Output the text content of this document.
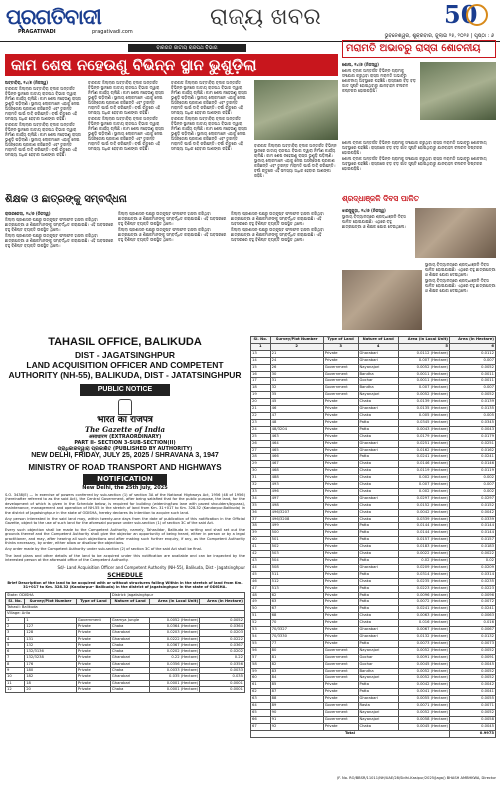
ପ୍ରଗତିବାଦୀ
PRAGATIVADI	pragativadi.com
ରାଜ୍ୟ ଖବର	50
ଭୁବନେଶ୍ୱର, ଶୁକ୍ରବାର, ଜୁଲାଇ ୨୫, ୨୦୨୫ | ପୃଷ୍ଠା : ୬
ବାରଗଡ ଜାତୀୟ ରାଜପଥ ବିଭାଗ
କାମ ଶେଷ ନହେଉଣୁ ବିଭିନ୍ନ ସ୍ଥାନ ଭୁଶୁଡ଼ିଲା

ଅଟ୍ଟାବିରା, ୨୪/୭ (ନିଜସ୍ୱ)

ବାରଗଡ ଜିଲ୍ଲାର ଅଟ୍ଟାବିରା ବ୍ଲକ ଅନ୍ତର୍ଗତ ବିଭିନ୍ନ ସ୍ଥାନରେ ଜାତୀୟ ରାଜପଥ ବିଭାଗ ଦ୍ୱାରା ନିର୍ମାଣ କାର୍ଯ୍ୟ ଚାଲିଛି। କାମ ଶେଷ ନହେଉଣୁ ରାସ୍ତା ଭୁଶୁଡ଼ି ପଡ଼ିଲାଣି। ସ୍ଥାନୀୟ ଲୋକମାନେ ଏହାକୁ ନେଇ ଅସନ୍ତୋଷ ପ୍ରକାଶ କରିଛନ୍ତି ଏବଂ ତୁରନ୍ତ ମରାମତି ପାଇଁ ଦାବି କରିଛନ୍ତି। ବର୍ଷା ଋତୁରେ ଏହି ସମସ୍ୟା ଅଧିକ ହେବାର ଆଶଙ୍କା ରହିଛି।

ବାରଗଡ ଜିଲ୍ଲାର ଅଟ୍ଟାବିରା ବ୍ଲକ ଅନ୍ତର୍ଗତ ବିଭିନ୍ନ ସ୍ଥାନରେ ଜାତୀୟ ରାଜପଥ ବିଭାଗ ଦ୍ୱାରା ନିର୍ମାଣ କାର୍ଯ୍ୟ ଚାଲିଛି। କାମ ଶେଷ ନହେଉଣୁ ରାସ୍ତା ଭୁଶୁଡ଼ି ପଡ଼ିଲାଣି। ସ୍ଥାନୀୟ ଲୋକମାନେ ଏହାକୁ ନେଇ ଅସନ୍ତୋଷ ପ୍ରକାଶ କରିଛନ୍ତି ଏବଂ ତୁରନ୍ତ ମରାମତି ପାଇଁ ଦାବି କରିଛନ୍ତି। ବର୍ଷା ଋତୁରେ ଏହି ସମସ୍ୟା ଅଧିକ ହେବାର ଆଶଙ୍କା ରହିଛି।

ବାରଗଡ ଜିଲ୍ଲାର ଅଟ୍ଟାବିରା ବ୍ଲକ ଅନ୍ତର୍ଗତ ବିଭିନ୍ନ ସ୍ଥାନରେ ଜାତୀୟ ରାଜପଥ ବିଭାଗ ଦ୍ୱାରା ନିର୍ମାଣ କାର୍ଯ୍ୟ ଚାଲିଛି। କାମ ଶେଷ ନହେଉଣୁ ରାସ୍ତା ଭୁଶୁଡ଼ି ପଡ଼ିଲାଣି। ସ୍ଥାନୀୟ ଲୋକମାନେ ଏହାକୁ ନେଇ ଅସନ୍ତୋଷ ପ୍ରକାଶ କରିଛନ୍ତି ଏବଂ ତୁରନ୍ତ ମରାମତି ପାଇଁ ଦାବି କରିଛନ୍ତି। ବର୍ଷା ଋତୁରେ ଏହି ସମସ୍ୟା ଅଧିକ ହେବାର ଆଶଙ୍କା ରହିଛି।

ବାରଗଡ ଜିଲ୍ଲାର ଅଟ୍ଟାବିରା ବ୍ଲକ ଅନ୍ତର୍ଗତ ବିଭିନ୍ନ ସ୍ଥାନରେ ଜାତୀୟ ରାଜପଥ ବିଭାଗ ଦ୍ୱାରା ନିର୍ମାଣ କାର୍ଯ୍ୟ ଚାଲିଛି। କାମ ଶେଷ ନହେଉଣୁ ରାସ୍ତା ଭୁଶୁଡ଼ି ପଡ଼ିଲାଣି। ସ୍ଥାନୀୟ ଲୋକମାନେ ଏହାକୁ ନେଇ ଅସନ୍ତୋଷ ପ୍ରକାଶ କରିଛନ୍ତି ଏବଂ ତୁରନ୍ତ ମରାମତି ପାଇଁ ଦାବି କରିଛନ୍ତି। ବର୍ଷା ଋତୁରେ ଏହି ସମସ୍ୟା ଅଧିକ ହେବାର ଆଶଙ୍କା ରହିଛି।

ବାରଗଡ ଜିଲ୍ଲାର ଅଟ୍ଟାବିରା ବ୍ଲକ ଅନ୍ତର୍ଗତ ବିଭିନ୍ନ ସ୍ଥାନରେ ଜାତୀୟ ରାଜପଥ ବିଭାଗ ଦ୍ୱାରା ନିର୍ମାଣ କାର୍ଯ୍ୟ ଚାଲିଛି। କାମ ଶେଷ ନହେଉଣୁ ରାସ୍ତା ଭୁଶୁଡ଼ି ପଡ଼ିଲାଣି। ସ୍ଥାନୀୟ ଲୋକମାନେ ଏହାକୁ ନେଇ ଅସନ୍ତୋଷ ପ୍ରକାଶ କରିଛନ୍ତି ଏବଂ ତୁରନ୍ତ ମରାମତି ପାଇଁ ଦାବି କରିଛନ୍ତି। ବର୍ଷା ଋତୁରେ ଏହି ସମସ୍ୟା ଅଧିକ ହେବାର ଆଶଙ୍କା ରହିଛି।

ବାରଗଡ ଜିଲ୍ଲାର ଅଟ୍ଟାବିରା ବ୍ଲକ ଅନ୍ତର୍ଗତ ବିଭିନ୍ନ ସ୍ଥାନରେ ଜାତୀୟ ରାଜପଥ ବିଭାଗ ଦ୍ୱାରା ନିର୍ମାଣ କାର୍ଯ୍ୟ ଚାଲିଛି। କାମ ଶେଷ ନହେଉଣୁ ରାସ୍ତା ଭୁଶୁଡ଼ି ପଡ଼ିଲାଣି। ସ୍ଥାନୀୟ ଲୋକମାନେ ଏହାକୁ ନେଇ ଅସନ୍ତୋଷ ପ୍ରକାଶ କରିଛନ୍ତି ଏବଂ ତୁରନ୍ତ ମରାମତି ପାଇଁ ଦାବି କରିଛନ୍ତି। ବର୍ଷା ଋତୁରେ ଏହି ସମସ୍ୟା ଅଧିକ ହେବାର ଆଶଙ୍କା ରହିଛି।

ବାରଗଡ ଜିଲ୍ଲାର ଅଟ୍ଟାବିରା ବ୍ଲକ ଅନ୍ତର୍ଗତ ବିଭିନ୍ନ ସ୍ଥାନରେ ଜାତୀୟ ରାଜପଥ ବିଭାଗ ଦ୍ୱାରା ନିର୍ମାଣ କାର୍ଯ୍ୟ ଚାଲିଛି। କାମ ଶେଷ ନହେଉଣୁ ରାସ୍ତା ଭୁଶୁଡ଼ି ପଡ଼ିଲାଣି। ସ୍ଥାନୀୟ ଲୋକମାନେ ଏହାକୁ ନେଇ ଅସନ୍ତୋଷ ପ୍ରକାଶ କରିଛନ୍ତି ଏବଂ ତୁରନ୍ତ ମରାମତି ପାଇଁ ଦାବି କରିଛନ୍ତି। ବର୍ଷା ଋତୁରେ ଏହି ସମସ୍ୟା ଅଧିକ ହେବାର ଆଶଙ୍କା ରହିଛି।

ମରାମତି ଅଭାବରୁ ରାସ୍ତା ଶୋଚନୀୟ

ଶୋଲ, ୨୪/୭ (ନିଜସ୍ୱ)

ଶୋଲ ବ୍ଲକ ଅନ୍ତର୍ଗତ ବିଭିନ୍ନ ଗ୍ରାମକୁ ସଂଯୋଗ କରୁଥିବା ରାସ୍ତା ମରାମତି ଅଭାବରୁ ଶୋଚନୀୟ ଅବସ୍ଥାରେ ପହଞ୍ଚିଛି। ରାସ୍ତାରେ ବଡ଼ ବଡ଼ ଗାତ ସୃଷ୍ଟି ହୋଇଥିବାରୁ ଯାନବାହନ ଚଳାଚଳ କଷ୍ଟକର ହୋଇପଡ଼ିଛି।

ଶୋଲ ବ୍ଲକ ଅନ୍ତର୍ଗତ ବିଭିନ୍ନ ଗ୍ରାମକୁ ସଂଯୋଗ କରୁଥିବା ରାସ୍ତା ମରାମତି ଅଭାବରୁ ଶୋଚନୀୟ ଅବସ୍ଥାରେ ପହଞ୍ଚିଛି। ରାସ୍ତାରେ ବଡ଼ ବଡ଼ ଗାତ ସୃଷ୍ଟି ହୋଇଥିବାରୁ ଯାନବାହନ ଚଳାଚଳ କଷ୍ଟକର ହୋଇପଡ଼ିଛି।

ଶୋଲ ବ୍ଲକ ଅନ୍ତର୍ଗତ ବିଭିନ୍ନ ଗ୍ରାମକୁ ସଂଯୋଗ କରୁଥିବା ରାସ୍ତା ମରାମତି ଅଭାବରୁ ଶୋଚନୀୟ ଅବସ୍ଥାରେ ପହଞ୍ଚିଛି। ରାସ୍ତାରେ ବଡ଼ ବଡ଼ ଗାତ ସୃଷ୍ଟି ହୋଇଥିବାରୁ ଯାନବାହନ ଚଳାଚଳ କଷ୍ଟକର ହୋଇପଡ଼ିଛି।

ଶ୍ରଦ୍ଧାଞ୍ଜଳି ଦିବସ ପାଳିତ

ଝାରସୁଗୁଡ଼ା, ୨୪/୭ (ନିଜସ୍ୱ)

ସ୍ଥାନୀୟ ବିଦ୍ୟାଳୟରେ ଶ୍ରଦ୍ଧାଞ୍ଜଳି ଦିବସ ପାଳିତ ହୋଇଯାଇଛି। ଏଥିରେ ବହୁ ଛାତ୍ରଛାତ୍ରୀ ଓ ଶିକ୍ଷକ ଯୋଗ ଦେଇଥିଲେ।

ଶିକ୍ଷକ ଓ ଛାତ୍ରଙ୍କୁ ସମ୍ବର୍ଦ୍ଧନା

ରାଉରକେଲା, ୨୪/୭ (ନିଜସ୍ୱ)

ଜିଲ୍ଲା ପ୍ରଶାସନ ପକ୍ଷରୁ ଉତ୍କୃଷ୍ଟ ଫଳାଫଳ ହାସଲ କରିଥିବା ଛାତ୍ରଛାତ୍ରୀ ଓ ଶିକ୍ଷକମାନଙ୍କୁ ସମ୍ବର୍ଦ୍ଧିତ କରାଯାଇଛି। ଏହି ଅବସରରେ ବହୁ ବିଶିଷ୍ଟ ବ୍ୟକ୍ତି ଉପସ୍ଥିତ ଥିଲେ।

ଜିଲ୍ଲା ପ୍ରଶାସନ ପକ୍ଷରୁ ଉତ୍କୃଷ୍ଟ ଫଳାଫଳ ହାସଲ କରିଥିବା ଛାତ୍ରଛାତ୍ରୀ ଓ ଶିକ୍ଷକମାନଙ୍କୁ ସମ୍ବର୍ଦ୍ଧିତ କରାଯାଇଛି। ଏହି ଅବସରରେ ବହୁ ବିଶିଷ୍ଟ ବ୍ୟକ୍ତି ଉପସ୍ଥିତ ଥିଲେ।

ଜିଲ୍ଲା ପ୍ରଶାସନ ପକ୍ଷରୁ ଉତ୍କୃଷ୍ଟ ଫଳାଫଳ ହାସଲ କରିଥିବା ଛାତ୍ରଛାତ୍ରୀ ଓ ଶିକ୍ଷକମାନଙ୍କୁ ସମ୍ବର୍ଦ୍ଧିତ କରାଯାଇଛି। ଏହି ଅବସରରେ ବହୁ ବିଶିଷ୍ଟ ବ୍ୟକ୍ତି ଉପସ୍ଥିତ ଥିଲେ।

ଜିଲ୍ଲା ପ୍ରଶାସନ ପକ୍ଷରୁ ଉତ୍କୃଷ୍ଟ ଫଳାଫଳ ହାସଲ କରିଥିବା ଛାତ୍ରଛାତ୍ରୀ ଓ ଶିକ୍ଷକମାନଙ୍କୁ ସମ୍ବର୍ଦ୍ଧିତ କରାଯାଇଛି। ଏହି ଅବସରରେ ବହୁ ବିଶିଷ୍ଟ ବ୍ୟକ୍ତି ଉପସ୍ଥିତ ଥିଲେ।

ଜିଲ୍ଲା ପ୍ରଶାସନ ପକ୍ଷରୁ ଉତ୍କୃଷ୍ଟ ଫଳାଫଳ ହାସଲ କରିଥିବା ଛାତ୍ରଛାତ୍ରୀ ଓ ଶିକ୍ଷକମାନଙ୍କୁ ସମ୍ବର୍ଦ୍ଧିତ କରାଯାଇଛି। ଏହି ଅବସରରେ ବହୁ ବିଶିଷ୍ଟ ବ୍ୟକ୍ତି ଉପସ୍ଥିତ ଥିଲେ।

ଜିଲ୍ଲା ପ୍ରଶାସନ ପକ୍ଷରୁ ଉତ୍କୃଷ୍ଟ ଫଳାଫଳ ହାସଲ କରିଥିବା ଛାତ୍ରଛାତ୍ରୀ ଓ ଶିକ୍ଷକମାନଙ୍କୁ ସମ୍ବର୍ଦ୍ଧିତ କରାଯାଇଛି। ଏହି ଅବସରରେ ବହୁ ବିଶିଷ୍ଟ ବ୍ୟକ୍ତି ଉପସ୍ଥିତ ଥିଲେ।

ସ୍ଥାନୀୟ ବିଦ୍ୟାଳୟରେ ଶ୍ରଦ୍ଧାଞ୍ଜଳି ଦିବସ ପାଳିତ ହୋଇଯାଇଛି। ଏଥିରେ ବହୁ ଛାତ୍ରଛାତ୍ରୀ ଓ ଶିକ୍ଷକ ଯୋଗ ଦେଇଥିଲେ।

ସ୍ଥାନୀୟ ବିଦ୍ୟାଳୟରେ ଶ୍ରଦ୍ଧାଞ୍ଜଳି ଦିବସ ପାଳିତ ହୋଇଯାଇଛି। ଏଥିରେ ବହୁ ଛାତ୍ରଛାତ୍ରୀ ଓ ଶିକ୍ଷକ ଯୋଗ ଦେଇଥିଲେ।

TAHASIL OFFICE, BALIKUDA
DIST - JAGATSINGHPUR
LAND ACQUISITION OFFICER AND COMPETENT AUTHORITY (NH-55), BALIKUDA, DIST - JATATSINGHPUR
PUBLIC NOTICE
भारत का राजपत्र
The Gazette of India
असाधारण (EXTRAORDINARY)
PART II- SECTION 3-SUB-SECTION(II)
ପ୍ରାଧିକାରଦ୍ୱାରା ପ୍ରକାଶିତ (PUBLISHED BY AUTHORITY)
NEW DELHI, FRIDAY, JULY 25, 2025 / SHRAVANA 3, 1947
MINISTRY OF ROAD TRANSPORT AND HIGHWAYS
NOTIFICATION
New Delhi, the 25th July, 2025
S.O. 3438(E) — In exercise of powers conferred by sub-section (1) of section 3A of the National Highways Act, 1956 (48 of 1956) (hereinafter referred to as the said Act), the Central Government, after being satisfied that for the public purpose, the land, for the development of which is given in the Schedule below, is required for building (widening/two lane with paved shoulders/bypass), maintenance, management and operation of NH-55 in the stretch of land from Km. 31+017 to Km. 328.32 (Kandarpur-Balikuda) in the district of Jagatsinghpur in the state of ODISHA, hereby declares its intention to acquire such land.
Any person interested in the said land may, within twenty-one days from the date of publication of this notification in the Official Gazette, object to the use of such land for the aforesaid purpose under sub-section (1) of section 3C of the said Act.
Every such objection shall be made to the Competent Authority, namely, Tahasildar, Balikuda in writing and shall set out the grounds thereof and the Competent Authority shall give the objector an opportunity of being heard, either in person or by a legal practitioner, and may, after hearing all such objections and after making such further enquiry, if any, as the Competent Authority thinks necessary, by order, either allow or disallow the objections.
Any order made by the Competent Authority under sub-section (2) of section 3C of the said Act shall be final.
The land plans and other details of the land to be acquired under this notification are available and can be inspected by the interested person at the aforesaid office of the Competent Authority.
Sd/- Land Acquisition Officer and Competent Authority (NH-55), Balikuda, Dist - Jagatsinghpur
SCHEDULE
Brief Description of the land to be acquired with or without structures falling Within in the stretch of land from Km. 31+017 to Km. 328.32 (Kandarpur- Balikuda) in the district of Jagatsinghpur in the state of ODISHA.
State: ODISHA			District: Jagatsinghpur		
Sl. No.	Survey/Plot Number	Type of Land	Nature of Land	Area (in Local Unit)	Area (in Hectare)
Tahasil: Balikuda					
Village: Arila					
1	1	Government	Gramya Jungle	0.0052 (Hectare)	0.0052
2	127	Private	Chaka	0.0364 (Hectare)	0.0364
3	128	Private	Gharabari	0.0203 (Hectare)	0.0203
4	131	Private	Gharabari	0.0222 (Hectare)	0.0222
5	132	Private	Chaka	0.0367 (Hectare)	0.0367
6	132/3136	Private	Chaka	0.0202 (Hectare)	0.0202
7	132/3238	Private	Gharabari	0.22 (Hectare)	0.22
8	176	Private	Gharabari	0.0356 (Hectare)	0.0356
9	180	Private	Chaka	0.0033 (Hectare)	0.0033
10	182	Private	Gharabari	0.035 (Hectare)	0.035
11	18	Private	Gharabari	0.0001 (Hectare)	0.0001
12	20	Private	Chaka	0.0001 (Hectare)	0.0001
Sl. No.	Survey/Plot Number	Type of Land	Nature of Land	Area (in Local Unit)	Area (in Hectare)
1	2	3	4	5	6
13	21	Private	Gharabari	0.0112 (Hectare)	0.0112
14	24	Private	Gharabari	0.007 (Hectare)	0.007
15	26	Government	Nayanajori	0.0052 (Hectare)	0.0052
16	30	Government	Bandha	0.0011 (Hectare)	0.0011
17	31	Government	Gochar	0.0011 (Hectare)	0.0011
18	32	Government	Bandha	0.007 (Hectare)	0.007
19	35	Government	Nayanajori	0.0052 (Hectare)	0.0052
20	45	Private	Chaka	0.0139 (Hectare)	0.0139
21	46	Private	Gharabari	0.0135 (Hectare)	0.0135
22	47	Private	Chaka	0.005 (Hectare)	0.005
23	48	Private	Patta	0.0345 (Hectare)	0.0345
24	48/3204	Private	Patta	0.0043 (Hectare)	0.0043
25	463	Private	Chaka	0.0179 (Hectare)	0.0179
26	464	Private	Gharabari	0.0251 (Hectare)	0.0251
27	465	Private	Gharabari	0.0162 (Hectare)	0.0162
28	466	Private	Patta	0.0241 (Hectare)	0.0241
29	467	Private	Chaka	0.0146 (Hectare)	0.0146
30	468	Private	Chaka	0.0119 (Hectare)	0.0119
31	488	Private	Chaka	0.002 (Hectare)	0.002
32	493	Private	Chaka	0.007 (Hectare)	0.007
33	496	Private	Chaka	0.002 (Hectare)	0.002
34	497	Private	Gharabari	0.0297 (Hectare)	0.0297
35	498	Private	Chaka	0.0152 (Hectare)	0.0152
36	496/3207	Private	Chaka	0.0042 (Hectare)	0.0042
37	496/3208	Private	Chaka	0.0339 (Hectare)	0.0339
38	499	Private	Patta	0.0144 (Hectare)	0.0144
39	500	Private	Patta	0.0144 (Hectare)	0.0144
40	501	Private	Patta	0.0157 (Hectare)	0.0157
41	502	Private	Chaka	0.0183 (Hectare)	0.0183
42	503	Private	Chaka	0.0022 (Hectare)	0.0022
43	504	Private	Patta	0.02 (Hectare)	0.02
44	508	Private	Gharabari	0.0209 (Hectare)	0.0209
45	511	Private	Patta	0.0314 (Hectare)	0.0314
46	512	Private	Chaka	0.0235 (Hectare)	0.0235
47	513	Private	Patta	0.0223 (Hectare)	0.0223
48	62	Private	Patta	0.0096 (Hectare)	0.0096
49	63	Private	Patta	0.0072 (Hectare)	0.0072
50	67	Private	Patta	0.0241 (Hectare)	0.0241
51	68	Private	Chaka	0.0063 (Hectare)	0.0063
52	70	Private	Chaka	0.016 (Hectare)	0.016
53	70/3327	Private	Gharabari	0.0067 (Hectare)	0.0067
54	70/3330	Private	Gharabari	0.0132 (Hectare)	0.0132
55	77	Private	Patta	0.0073 (Hectare)	0.0073
56	80	Government	Nayanajori	0.0052 (Hectare)	0.0052
57	81	Government	Gochar	0.0091 (Hectare)	0.0091
58	82	Government	Gochar	0.0045 (Hectare)	0.0045
59	83	Government	Bandha	0.0052 (Hectare)	0.0052
60	84	Government	Nayanajori	0.0052 (Hectare)	0.0052
61	85	Private	Patta	0.0042 (Hectare)	0.0042
62	87	Private	Patta	0.0041 (Hectare)	0.0041
63	88	Private	Gharabari	0.0055 (Hectare)	0.0055
64	89	Government	Rasta	0.0071 (Hectare)	0.0071
65	90	Government	Nayanajori	0.0052 (Hectare)	0.0052
66	91	Government	Nayanajori	0.0058 (Hectare)	0.0058
67	92	Private	Chaka	0.0045 (Hectare)	0.0045
Total					0.9973
(F. No. RO/BBSR/11011/NH/UAE/28/Sidhi-Kasipur/2025/Jaga/) BHASH AMBHKWA, Director
